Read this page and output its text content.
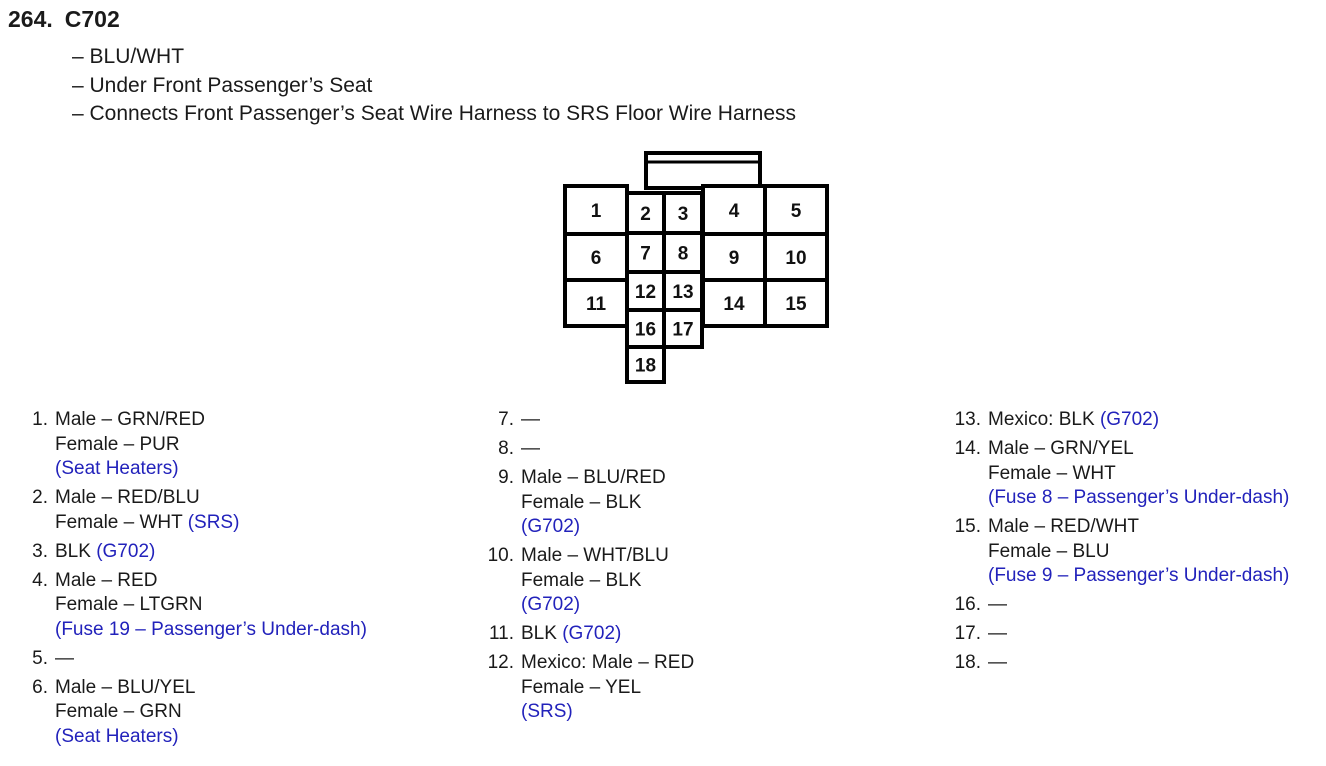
264. C702
– BLU/WHT
– Under Front Passenger’s Seat
– Connects Front Passenger’s Seat Wire Harness to SRS Floor Wire Harness
1 2 3 4	5
6 7 8 9 10
11
12 13
14 15
16 17
18
1. Male – GRN/RED
Female – PUR
(Seat Heaters)
2. Male – RED/BLU
Female – WHT (SRS)
3. BLK (G702)
4. Male – RED
Female – LTGRN
(Fuse 19 – Passenger’s Under-dash)
5. —
6. Male – BLU/YEL
Female – GRN
(Seat Heaters)
7. —
8. —
9. Male – BLU/RED
Female – BLK
(G702)
10. Male – WHT/BLU
Female – BLK
(G702)
11. BLK (G702)
12. Mexico: Male – RED
Female – YEL
(SRS)
13. Mexico: BLK (G702)
14. Male – GRN/YEL
Female – WHT
(Fuse 8 – Passenger’s Under-dash)
15. Male – RED/WHT
Female – BLU
(Fuse 9 – Passenger’s Under-dash)
16. —
17. —
18. —
